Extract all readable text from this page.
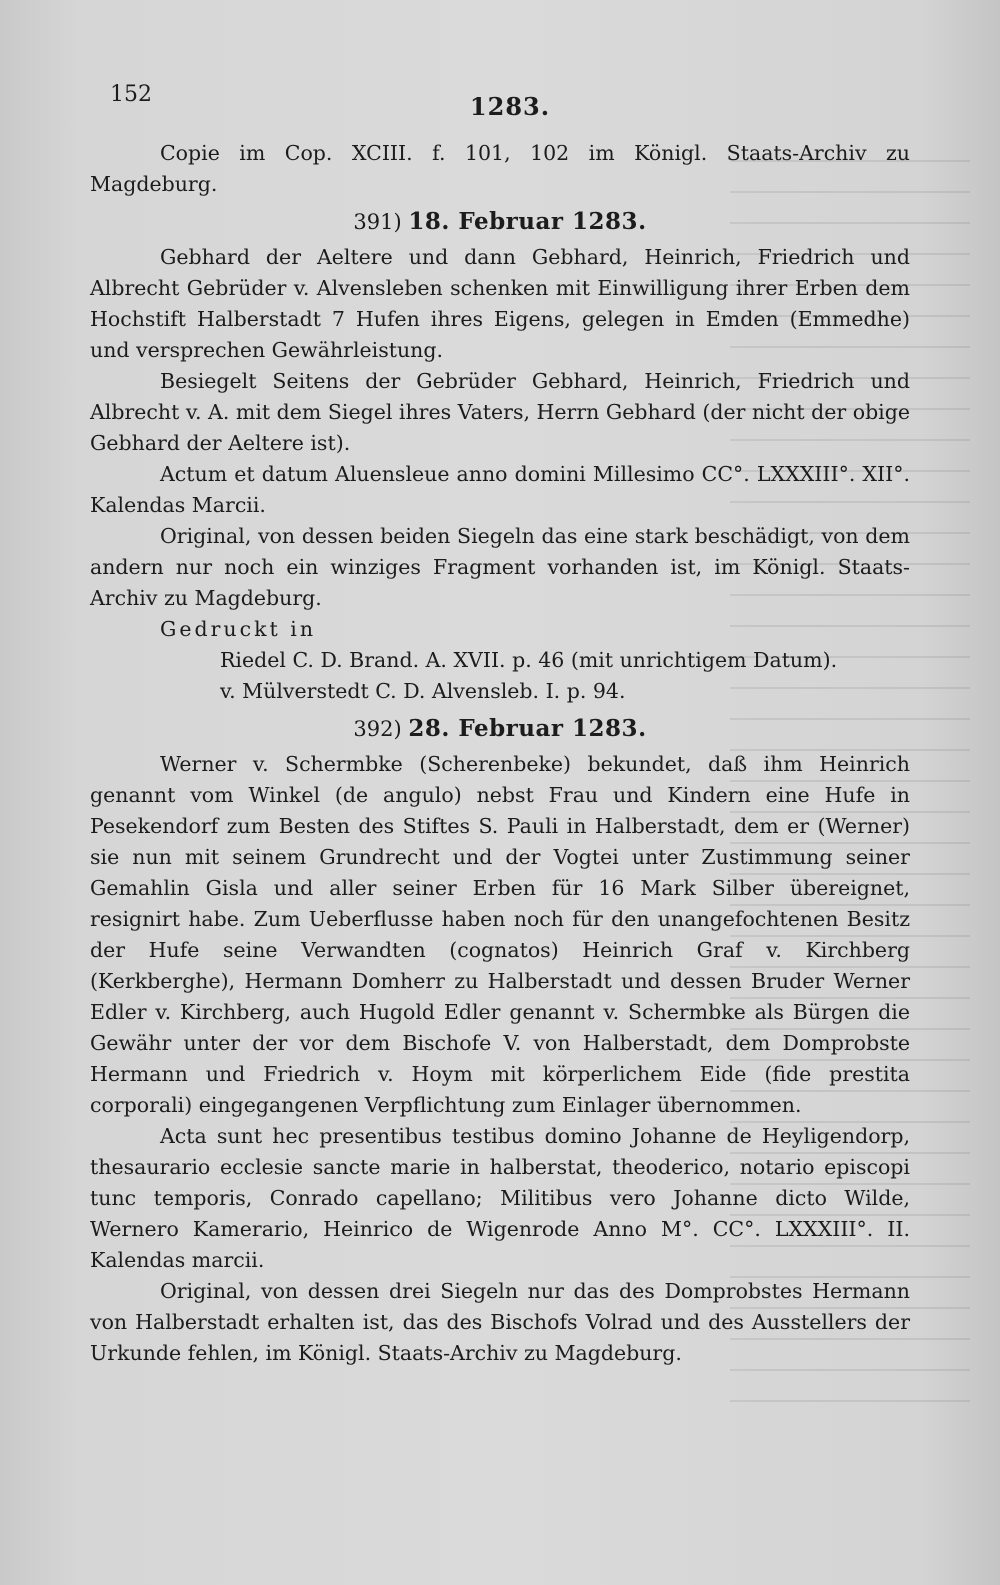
152	1283.

Copie im Cop. XCIII. f. 101, 102 im Königl. Staats-Archiv zu Magdeburg.

391) 18. Februar 1283.

Gebhard der Aeltere und dann Gebhard, Heinrich, Friedrich und Albrecht Gebrüder v. Alvensleben schenken mit Einwilligung ihrer Erben dem Hochstift Halberstadt 7 Hufen ihres Eigens, gelegen in Emden (Emmedhe) und versprechen Gewährleistung.

Besiegelt Seitens der Gebrüder Gebhard, Heinrich, Friedrich und Albrecht v. A. mit dem Siegel ihres Vaters, Herrn Gebhard (der nicht der obige Gebhard der Aeltere ist).

Actum et datum Aluensleue anno domini Millesimo CC°. LXXXIII°. XII°. Kalendas Marcii.

Original, von dessen beiden Siegeln das eine stark beschädigt, von dem andern nur noch ein winziges Fragment vorhanden ist, im Königl. Staats-Archiv zu Magdeburg.

Gedruckt in

Riedel C. D. Brand. A. XVII. p. 46 (mit unrichtigem Datum).

v. Mülverstedt C. D. Alvensleb. I. p. 94.

392) 28. Februar 1283.

Werner v. Schermbke (Scherenbeke) bekundet, daß ihm Heinrich genannt vom Winkel (de angulo) nebst Frau und Kindern eine Hufe in Pesekendorf zum Besten des Stiftes S. Pauli in Halberstadt, dem er (Werner) sie nun mit seinem Grundrecht und der Vogtei unter Zustimmung seiner Gemahlin Gisla und aller seiner Erben für 16 Mark Silber übereignet, resignirt habe. Zum Ueberflusse haben noch für den unangefochtenen Besitz der Hufe seine Verwandten (cognatos) Heinrich Graf v. Kirchberg (Kerkberghe), Hermann Domherr zu Halberstadt und dessen Bruder Werner Edler v. Kirchberg, auch Hugold Edler genannt v. Schermbke als Bürgen die Gewähr unter der vor dem Bischofe V. von Halberstadt, dem Domprobste Hermann und Friedrich v. Hoym mit körperlichem Eide (fide prestita corporali) eingegangenen Verpflichtung zum Einlager übernommen.

Acta sunt hec presentibus testibus domino Johanne de Heyligendorp, thesaurario ecclesie sancte marie in halberstat, theoderico, notario episcopi tunc temporis, Conrado capellano; Militibus vero Johanne dicto Wilde, Wernero Kamerario, Heinrico de Wigenrode Anno M°. CC°. LXXXIII°. II. Kalendas marcii.

Original, von dessen drei Siegeln nur das des Domprobstes Hermann von Halberstadt erhalten ist, das des Bischofs Volrad und des Ausstellers der Urkunde fehlen, im Königl. Staats-Archiv zu Magdeburg.
